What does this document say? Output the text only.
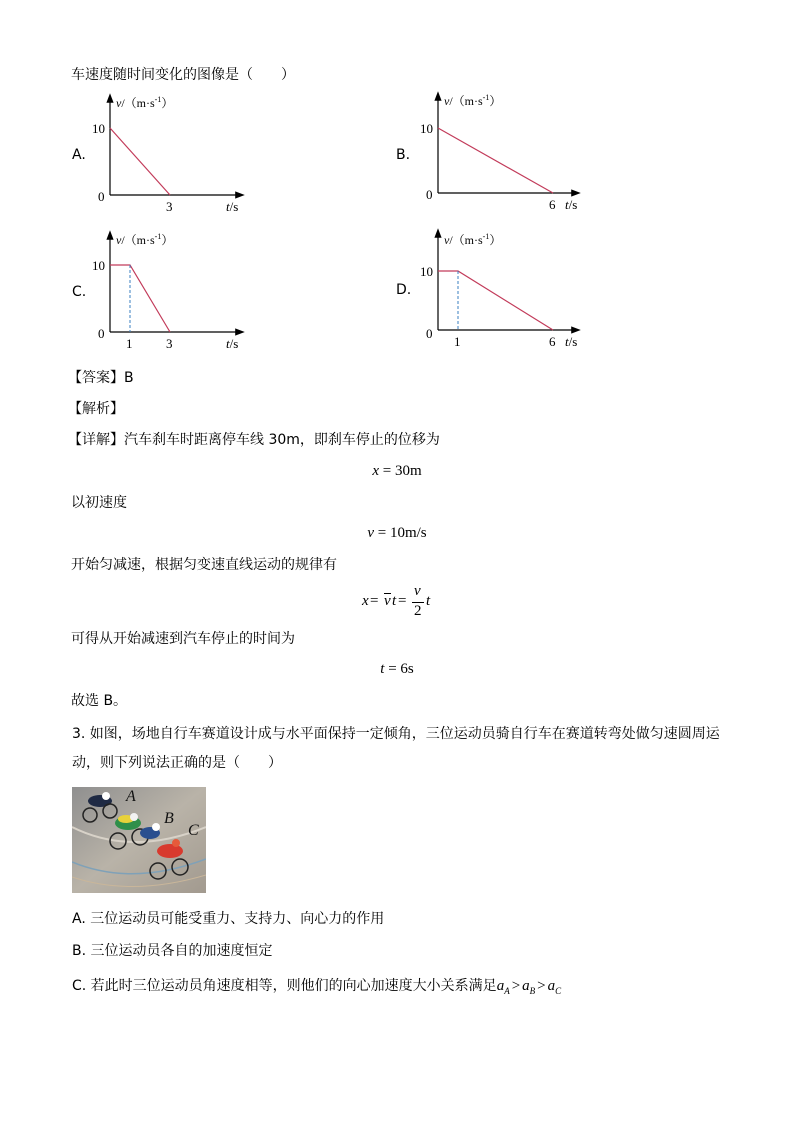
车速度随时间变化的图像是（　　）
A.
$v/(m\cdot s^{-1})$
10
0
3	t/s
B.
$v/(m\cdot s^{-1})$
10
0
6 t/s
C.
$v/(m\cdot s^{-1})$
10
0
1	3	t/s
D.
$v/(m\cdot s^{-1})$
10
0
1	6 t/s
【答案】B
【解析】
【详解】汽车刹车时距离停车线 30m，即刹车停止的位移为
x = 30m
以初速度
v = 10m/s
开始匀减速，根据匀变速直线运动的规律有
x = v t =
v
2
t
可得从开始减速到汽车停止的时间为
t = 6s
故选 B。
3. 如图，场地自行车赛道设计成与水平面保持一定倾角，三位运动员骑自行车在赛道转弯处做匀速圆周运
动，则下列说法正确的是（　　）
A
B
C
A. 三位运动员可能受重力、支持力、向心力的作用
B. 三位运动员各自的加速度恒定
C. 若此时三位运动员角速度相等，则他们的向心加速度大小关系满足$a_A > a_B > a_C$
